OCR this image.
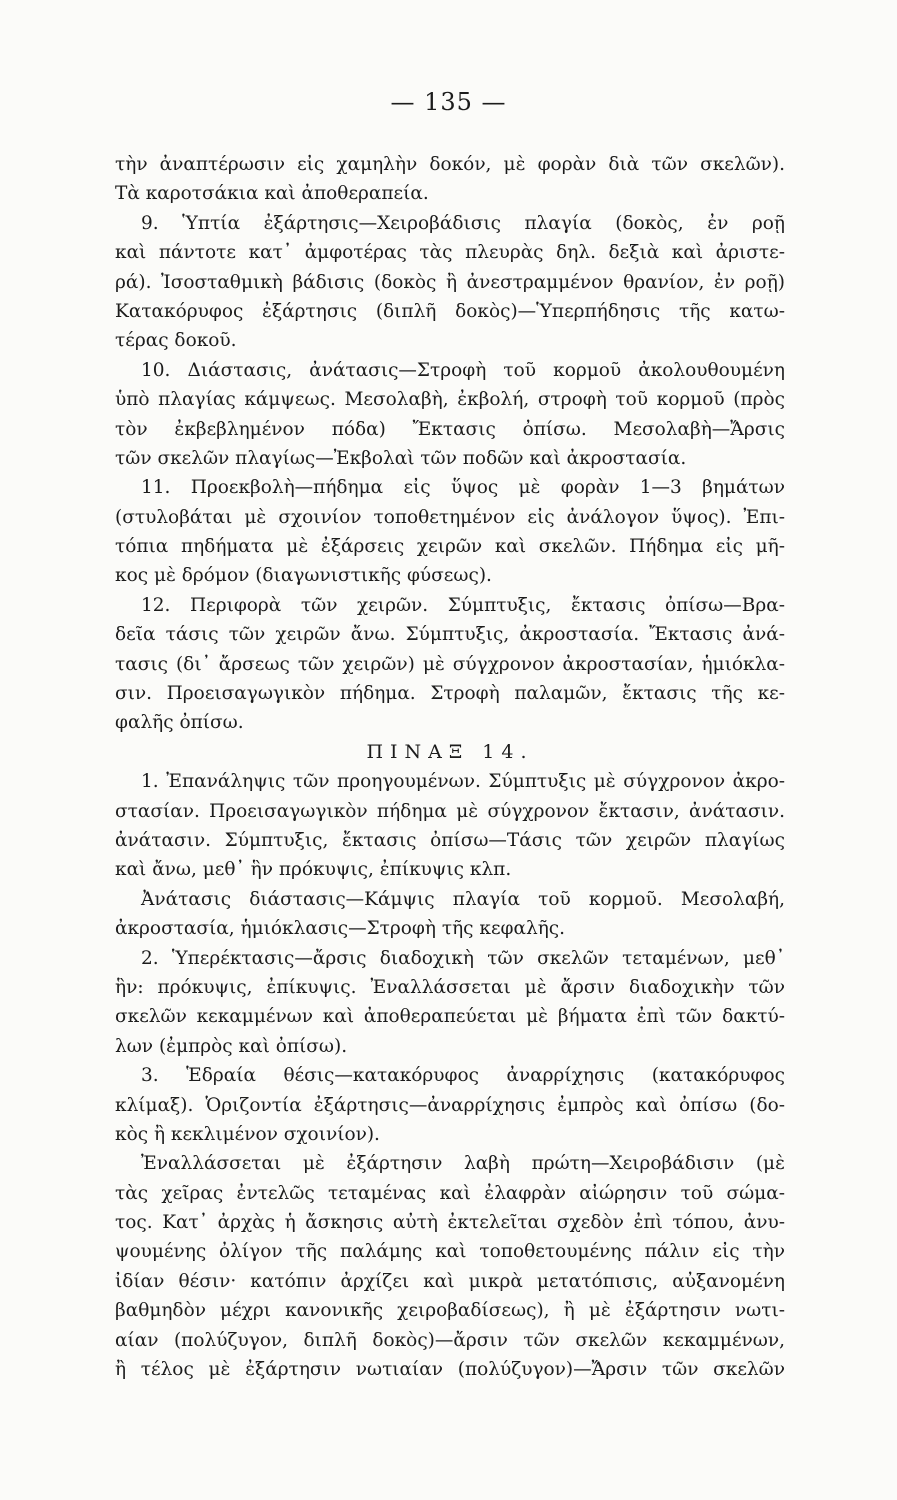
— 135 —
τὴν ἀναπτέρωσιν εἰς χαμηλὴν δοκόν, μὲ φορὰν διὰ τῶν σκελῶν).
Τὰ καροτσάκια καὶ ἀποθεραπεία.
9. Ὑπτία ἐξάρτησις—Χειροβάδισις πλαγία (δοκὸς, ἐν ροῇ
καὶ πάντοτε κατ᾽ ἀμφοτέρας τὰς πλευρὰς δηλ. δεξιὰ καὶ ἀριστε-
ρά). Ἰσοσταθμικὴ βάδισις (δοκὸς ἢ ἀνεστραμμένον θρανίον, ἐν ροῇ)
Κατακόρυφος ἐξάρτησις (διπλῆ δοκὸς)—Ὑπερπήδησις τῆς κατω-
τέρας δοκοῦ.
10. Διάστασις, ἀνάτασις—Στροφὴ τοῦ κορμοῦ ἀκολουθουμένη
ὑπὸ πλαγίας κάμψεως. Μεσολαβὴ, ἐκβολή, στροφὴ τοῦ κορμοῦ (πρὸς
τὸν ἐκβεβλημένον πόδα) Ἔκτασις ὀπίσω. Μεσολαβὴ—Ἄρσις
τῶν σκελῶν πλαγίως—Ἐκβολαὶ τῶν ποδῶν καὶ ἀκροστασία.
11. Προεκβολὴ—πήδημα εἰς ὕψος μὲ φορὰν 1—3 βημάτων
(στυλοβάται μὲ σχοινίον τοποθετημένον εἰς ἀνάλογον ὕψος). Ἐπι-
τόπια πηδήματα μὲ ἐξάρσεις χειρῶν καὶ σκελῶν. Πήδημα εἰς μῆ-
κος μὲ δρόμον (διαγωνιστικῆς φύσεως).
12. Περιφορὰ τῶν χειρῶν. Σύμπτυξις, ἔκτασις ὀπίσω—Βρα-
δεῖα τάσις τῶν χειρῶν ἄνω. Σύμπτυξις, ἀκροστασία. Ἔκτασις ἀνά-
τασις (δι᾽ ἄρσεως τῶν χειρῶν) μὲ σύγχρονον ἀκροστασίαν, ἡμιόκλα-
σιν. Προεισαγωγικὸν πήδημα. Στροφὴ παλαμῶν, ἔκτασις τῆς κε-
φαλῆς ὀπίσω.
ΠΙΝΑΞ 14.
1. Ἐπανάληψις τῶν προηγουμένων. Σύμπτυξις μὲ σύγχρονον ἀκρο-
στασίαν. Προεισαγωγικὸν πήδημα μὲ σύγχρονον ἔκτασιν, ἀνάτασιν.
ἀνάτασιν. Σύμπτυξις, ἔκτασις ὀπίσω—Τάσις τῶν χειρῶν πλαγίως
καὶ ἄνω, μεθ᾽ ἣν πρόκυψις, ἐπίκυψις κλπ.
Ἀνάτασις διάστασις—Κάμψις πλαγία τοῦ κορμοῦ. Μεσολαβή,
ἀκροστασία, ἡμιόκλασις—Στροφὴ τῆς κεφαλῆς.
2. Ὑπερέκτασις—ἄρσις διαδοχικὴ τῶν σκελῶν τεταμένων, μεθ᾽
ἣν: πρόκυψις, ἐπίκυψις. Ἐναλλάσσεται μὲ ἄρσιν διαδοχικὴν τῶν
σκελῶν κεκαμμένων καὶ ἀποθεραπεύεται μὲ βήματα ἐπὶ τῶν δακτύ-
λων (ἐμπρὸς καὶ ὀπίσω).
3. Ἑδραία θέσις—κατακόρυφος ἀναρρίχησις (κατακόρυφος
κλίμαξ). Ὁριζοντία ἐξάρτησις—ἀναρρίχησις ἐμπρὸς καὶ ὀπίσω (δο-
κὸς ἢ κεκλιμένον σχοινίον).
Ἐναλλάσσεται μὲ ἐξάρτησιν λαβὴ πρώτη—Χειροβάδισιν (μὲ
τὰς χεῖρας ἐντελῶς τεταμένας καὶ ἐλαφρὰν αἰώρησιν τοῦ σώμα-
τος. Κατ᾽ ἀρχὰς ἡ ἄσκησις αὐτὴ ἐκτελεῖται σχεδὸν ἐπὶ τόπου, ἀνυ-
ψουμένης ὀλίγον τῆς παλάμης καὶ τοποθετουμένης πάλιν εἰς τὴν
ἰδίαν θέσιν· κατόπιν ἀρχίζει καὶ μικρὰ μετατόπισις, αὐξανομένη
βαθμηδὸν μέχρι κανονικῆς χειροβαδίσεως), ἢ μὲ ἐξάρτησιν νωτι-
αίαν (πολύζυγον, διπλῆ δοκὸς)—ἄρσιν τῶν σκελῶν κεκαμμένων,
ἢ τέλος μὲ ἐξάρτησιν νωτιαίαν (πολύζυγον)—Ἄρσιν τῶν σκελῶν
